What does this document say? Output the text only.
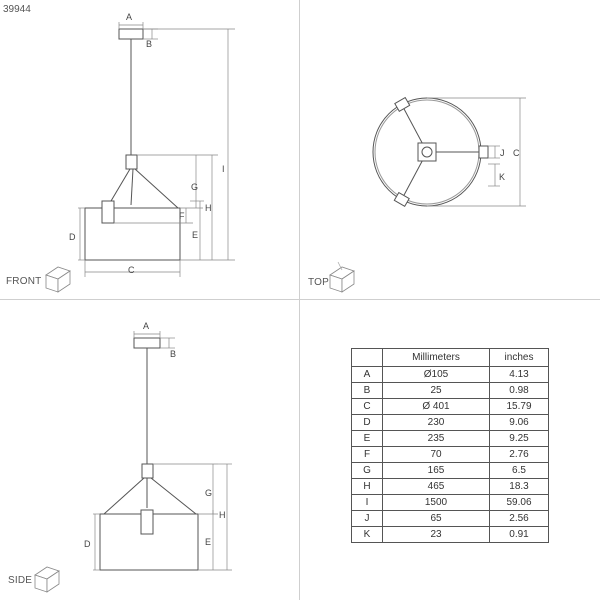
39944
A
B
C
D	E
F
G
H
I
FRONT
C
J
K
TOP
A
B
D	E
G
H
SIDE
	Millimeters	inches
A	Ø105	4.13
B	25	0.98
C	Ø 401	15.79
D	230	9.06
E	235	9.25
F	70	2.76
G	165	6.5
H	465	18.3
I	1500	59.06
J	65	2.56
K	23	0.91
